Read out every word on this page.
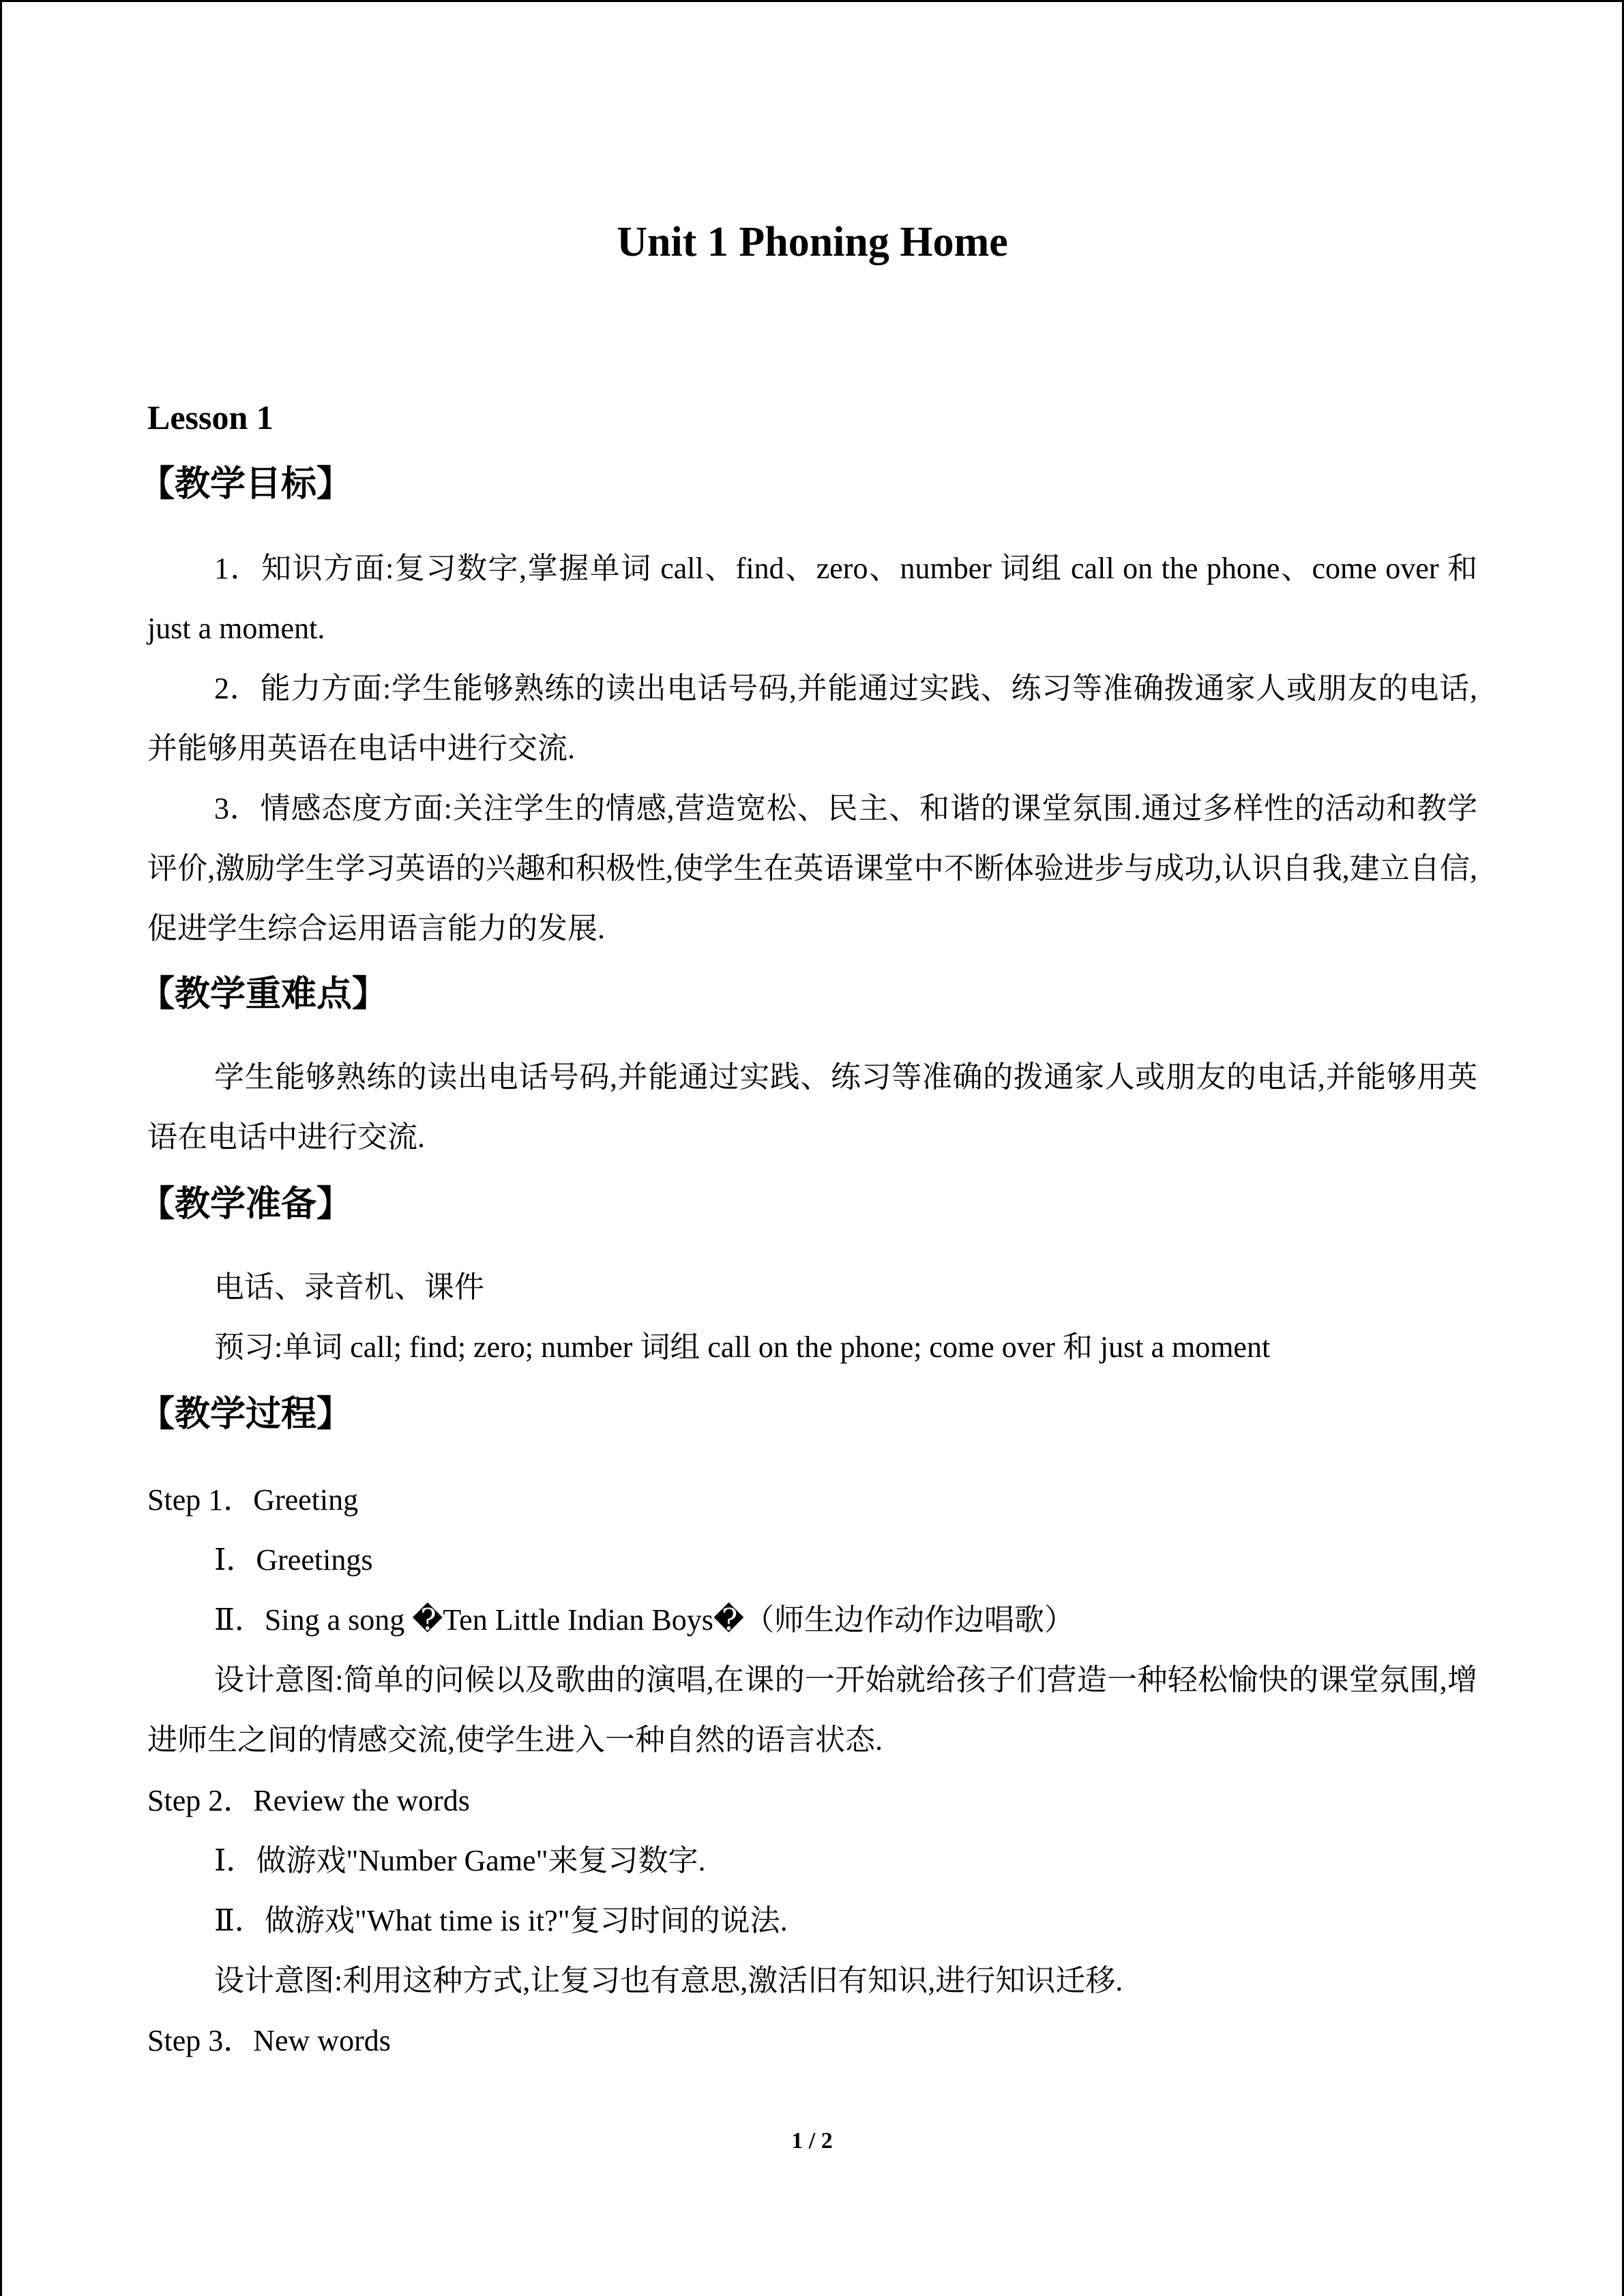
Unit 1 Phoning Home
Lesson 1
【教学目标】
1．知识方面:复习数字,掌握单词 call、find、zero、number 词组 call on the phone、come over 和 just a moment.
2．能力方面:学生能够熟练的读出电话号码,并能通过实践、练习等准确拨通家人或朋友的电话,并能够用英语在电话中进行交流.
3．情感态度方面:关注学生的情感,营造宽松、民主、和谐的课堂氛围.通过多样性的活动和教学评价,激励学生学习英语的兴趣和积极性,使学生在英语课堂中不断体验进步与成功,认识自我,建立自信,促进学生综合运用语言能力的发展.
【教学重难点】
学生能够熟练的读出电话号码,并能通过实践、练习等准确的拨通家人或朋友的电话,并能够用英语在电话中进行交流.
【教学准备】
电话、录音机、课件
预习:单词 call; find; zero; number 词组 call on the phone; come over 和 just a moment
【教学过程】
Step 1．Greeting
Ⅰ．Greetings
Ⅱ．Sing a song �Ten Little Indian Boys�（师生边作动作边唱歌）
设计意图:简单的问候以及歌曲的演唱,在课的一开始就给孩子们营造一种轻松愉快的课堂氛围,增进师生之间的情感交流,使学生进入一种自然的语言状态.
Step 2．Review the words
Ⅰ．做游戏"Number Game"来复习数字.
Ⅱ．做游戏"What time is it?"复习时间的说法.
设计意图:利用这种方式,让复习也有意思,激活旧有知识,进行知识迁移.
Step 3．New words
1 / 2
